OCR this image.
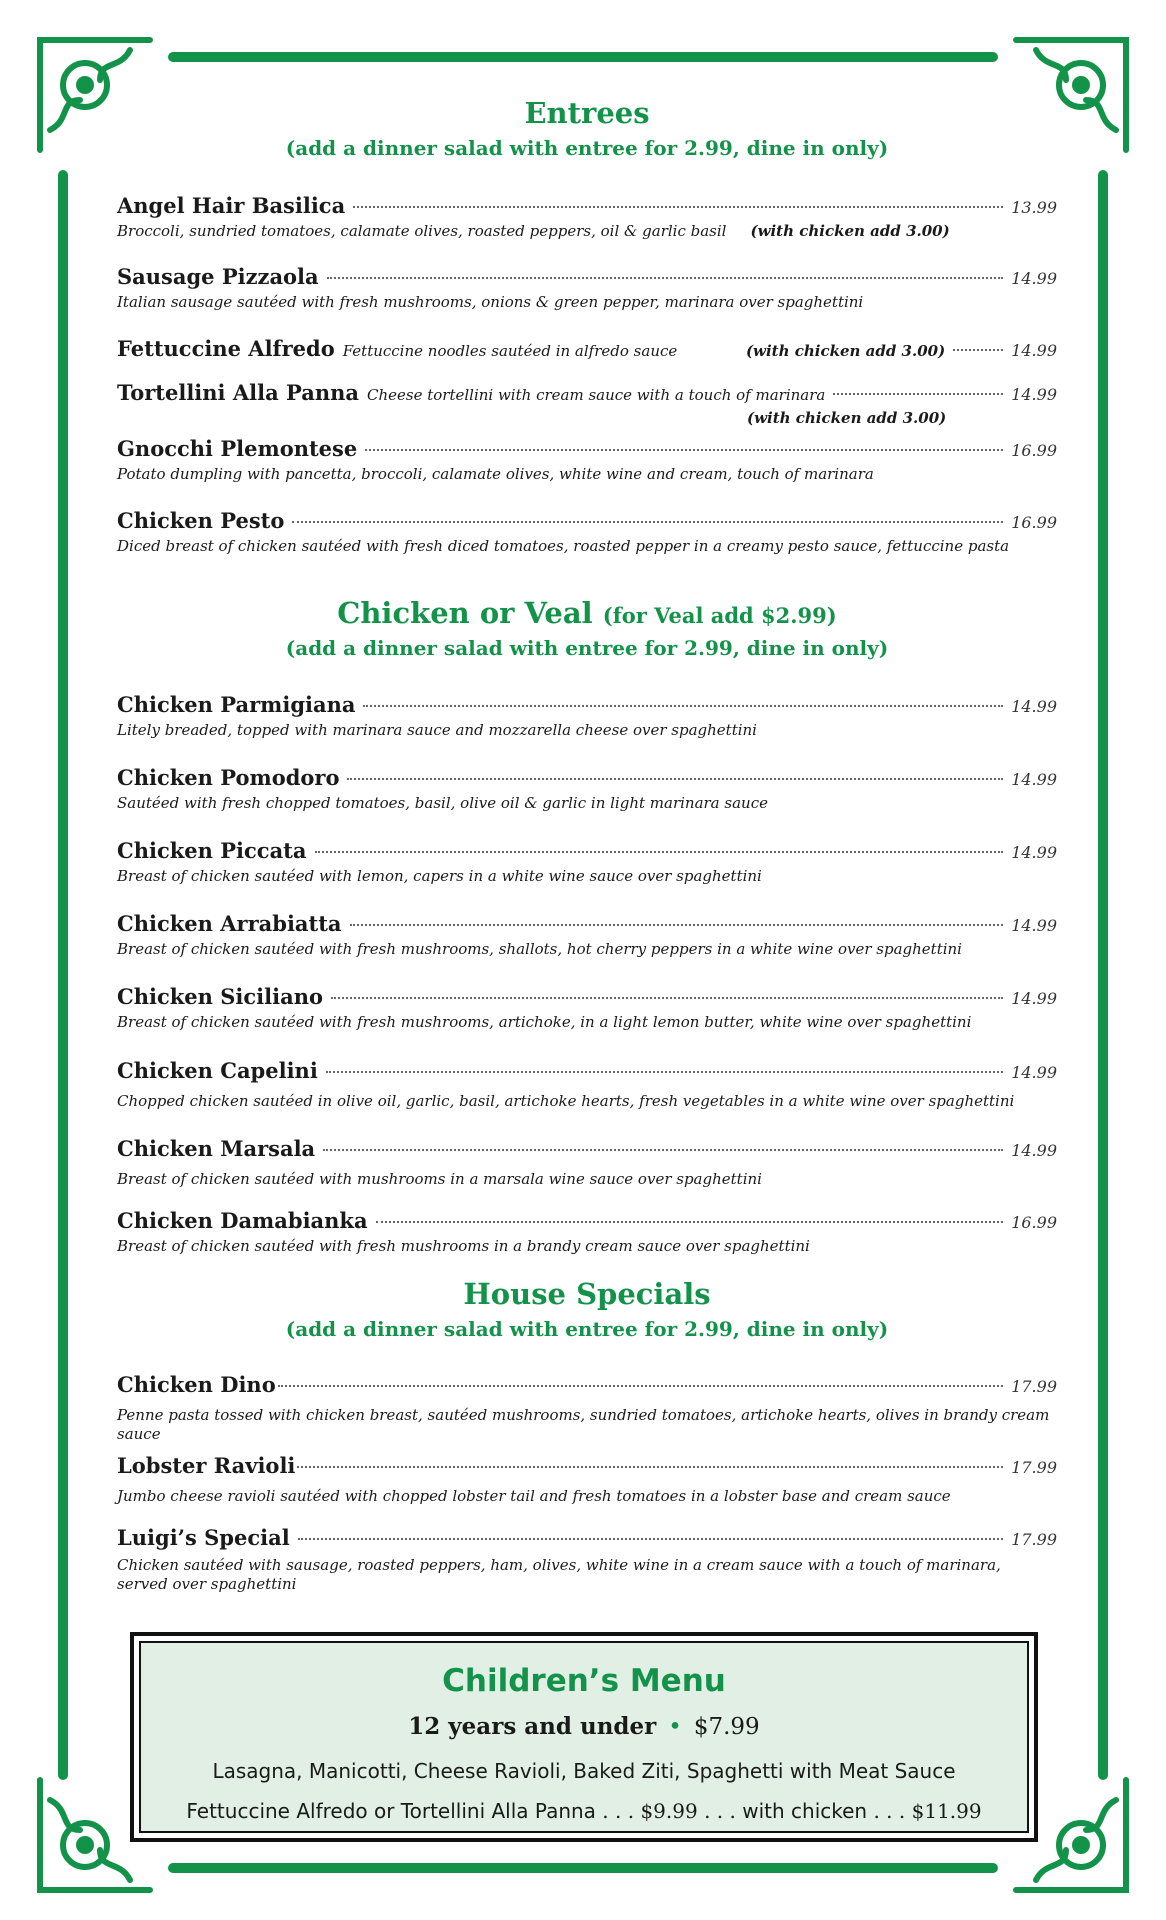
Entrees
(add a dinner salad with entree for 2.99, dine in only)
Angel Hair Basilica	13.99
Broccoli, sundried tomatoes, calamate olives, roasted peppers, oil & garlic basil (with chicken add 3.00)
Sausage Pizzaola	14.99
Italian sausage sautéed with fresh mushrooms, onions & green pepper, marinara over spaghettini
Fettuccine Alfredo Fettuccine noodles sautéed in alfredo sauce	(with chicken add 3.00)	14.99
Tortellini Alla Panna Cheese tortellini with cream sauce with a touch of marinara	14.99
(with chicken add 3.00)
Gnocchi Plemontese	16.99
Potato dumpling with pancetta, broccoli, calamate olives, white wine and cream, touch of marinara
Chicken Pesto	16.99
Diced breast of chicken sautéed with fresh diced tomatoes, roasted pepper in a creamy pesto sauce, fettuccine pasta
Chicken or Veal (for Veal add $2.99)
(add a dinner salad with entree for 2.99, dine in only)
Chicken Parmigiana	14.99
Litely breaded, topped with marinara sauce and mozzarella cheese over spaghettini
Chicken Pomodoro	14.99
Sautéed with fresh chopped tomatoes, basil, olive oil & garlic in light marinara sauce
Chicken Piccata	14.99
Breast of chicken sautéed with lemon, capers in a white wine sauce over spaghettini
Chicken Arrabiatta	14.99
Breast of chicken sautéed with fresh mushrooms, shallots, hot cherry peppers in a white wine over spaghettini
Chicken Siciliano	14.99
Breast of chicken sautéed with fresh mushrooms, artichoke, in a light lemon butter, white wine over spaghettini
Chicken Capelini	14.99
Chopped chicken sautéed in olive oil, garlic, basil, artichoke hearts, fresh vegetables in a white wine over spaghettini
Chicken Marsala	14.99
Breast of chicken sautéed with mushrooms in a marsala wine sauce over spaghettini
Chicken Damabianka	16.99
Breast of chicken sautéed with fresh mushrooms in a brandy cream sauce over spaghettini
House Specials
(add a dinner salad with entree for 2.99, dine in only)
Chicken Dino	17.99
Penne pasta tossed with chicken breast, sautéed mushrooms, sundried tomatoes, artichoke hearts, olives in brandy cream sauce
Lobster Ravioli	17.99
Jumbo cheese ravioli sautéed with chopped lobster tail and fresh tomatoes in a lobster base and cream sauce
Luigi’s Special	17.99
Chicken sautéed with sausage, roasted peppers, ham, olives, white wine in a cream sauce with a touch of marinara,
served over spaghettini
Children’s Menu
12 years and under • $7.99
Lasagna, Manicotti, Cheese Ravioli, Baked Ziti, Spaghetti with Meat Sauce
Fettuccine Alfredo or Tortellini Alla Panna . . . $9.99 . . . with chicken . . . $11.99
